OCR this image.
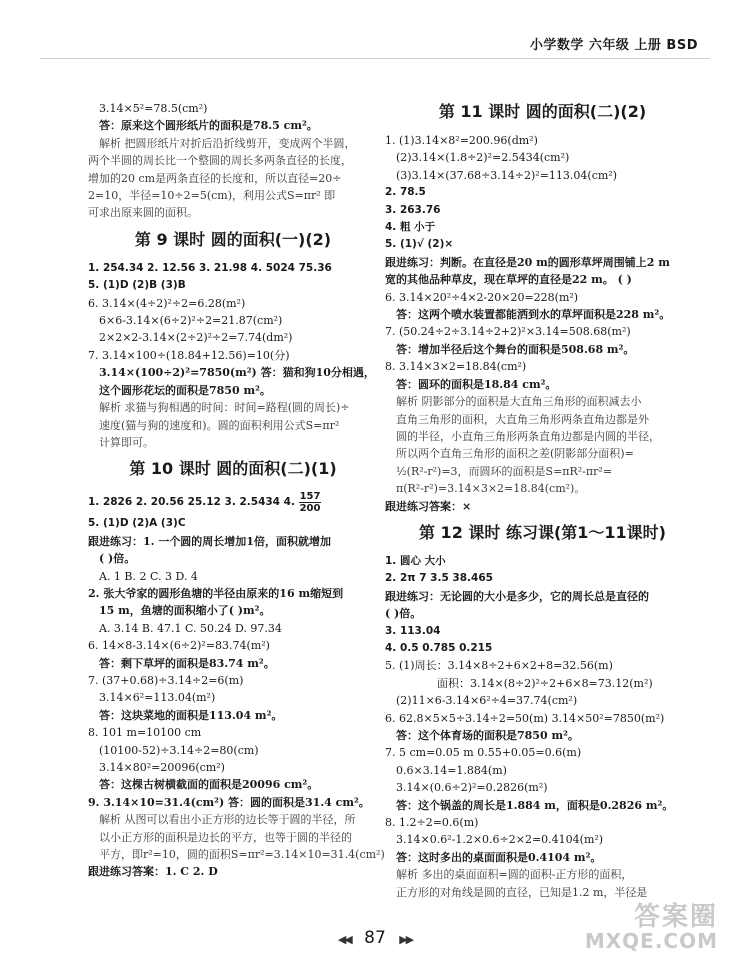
小学数学 六年级 上册 BSD
3.14×5²=78.5(cm²)
答：原来这个圆形纸片的面积是78.5 cm²。
解析 把圆形纸片对折后沿折线剪开，变成两个半圆，
两个半圆的周长比一个整圆的周长多两条直径的长度，
增加的20 cm是两条直径的长度和，所以直径=20÷
2=10，半径=10÷2=5(cm)，利用公式S=πr² 即
可求出原来圆的面积。
第 9 课时 圆的面积(一)(2)
1. 254.34 2. 12.56 3. 21.98 4. 5024 75.36
5. (1)D (2)B (3)B
6. 3.14×(4÷2)²÷2=6.28(m²)
6×6-3.14×(6÷2)²÷2=21.87(cm²)
2×2×2-3.14×(2÷2)²÷2=7.74(dm²)
7. 3.14×100÷(18.84+12.56)=10(分)
3.14×(100÷2)²=7850(m²) 答：猫和狗10分相遇，
这个圆形花坛的面积是7850 m²。
解析 求猫与狗相遇的时间：时间=路程(圆的周长)÷
速度(猫与狗的速度和)。圆的面积利用公式S=πr²
计算即可。
第 10 课时 圆的面积(二)(1)
1. 2826 2. 20.56 25.12 3. 2.5434 4. $\frac{157}{200}$
5. (1)D (2)A (3)C
跟进练习：1. 一个圆的周长增加1倍，面积就增加
( )倍。
A. 1 B. 2 C. 3 D. 4
2. 张大爷家的圆形鱼塘的半径由原来的16 m缩短到
15 m，鱼塘的面积缩小了( )m²。
A. 3.14 B. 47.1 C. 50.24 D. 97.34
6. 14×8-3.14×(6÷2)²=83.74(m²)
答：剩下草坪的面积是83.74 m²。
7. (37+0.68)÷3.14÷2=6(m)
3.14×6²=113.04(m²)
答：这块菜地的面积是113.04 m²。
8. 101 m=10100 cm
(10100-52)÷3.14÷2=80(cm)
3.14×80²=20096(cm²)
答：这棵古树横截面的面积是20096 cm²。
9. 3.14×10=31.4(cm²) 答：圆的面积是31.4 cm²。
解析 从图可以看出小正方形的边长等于圆的半径，所
以小正方形的面积是边长的平方，也等于圆的半径的
平方，即r²=10，圆的面积S=πr²=3.14×10=31.4(cm²)
跟进练习答案：1. C 2. D
第 11 课时 圆的面积(二)(2)
1. (1)3.14×8²=200.96(dm²)
(2)3.14×(1.8÷2)²=2.5434(cm²)
(3)3.14×(37.68÷3.14÷2)²=113.04(cm²)
2. 78.5
3. 263.76
4. 粗 小于
5. (1)√ (2)×
跟进练习：判断。在直径是20 m的圆形草坪周围铺上2 m
宽的其他品种草皮，现在草坪的直径是22 m。 ( )
6. 3.14×20²÷4×2-20×20=228(m²)
答：这两个喷水装置都能洒到水的草坪面积是228 m²。
7. (50.24÷2÷3.14÷2+2)²×3.14=508.68(m²)
答：增加半径后这个舞台的面积是508.68 m²。
8. 3.14×3×2=18.84(cm²)
答：圆环的面积是18.84 cm²。
解析 阴影部分的面积是大直角三角形的面积减去小
直角三角形的面积，大直角三角形两条直角边都是外
圆的半径，小直角三角形两条直角边都是内圆的半径，
所以两个直角三角形的面积之差(阴影部分面积)=
½(R²-r²)=3，而圆环的面积是S=πR²-πr²=
π(R²-r²)=3.14×3×2=18.84(cm²)。
跟进练习答案：×
第 12 课时 练习课(第1～11课时)
1. 圆心 大小
2. 2π 7 3.5 38.465
跟进练习：无论圆的大小是多少，它的周长总是直径的
( )倍。
3. 113.04
4. 0.5 0.785 0.215
5. (1)周长：3.14×8÷2+6×2+8=32.56(m)
面积：3.14×(8÷2)²÷2+6×8=73.12(m²)
(2)11×6-3.14×6²÷4=37.74(cm²)
6. 62.8×5×5÷3.14÷2=50(m) 3.14×50²=7850(m²)
答：这个体育场的面积是7850 m²。
7. 5 cm=0.05 m 0.55+0.05=0.6(m)
0.6×3.14=1.884(m)
3.14×(0.6÷2)²=0.2826(m²)
答：这个锅盖的周长是1.884 m，面积是0.2826 m²。
8. 1.2÷2=0.6(m)
3.14×0.6²-1.2×0.6÷2×2=0.4104(m²)
答：这时多出的桌面面积是0.4104 m²。
解析 多出的桌面面积=圆的面积-正方形的面积，
正方形的对角线是圆的直径，已知是1.2 m，半径是
◀◀ 87 ▶▶
答案圈
MXQE.COM
